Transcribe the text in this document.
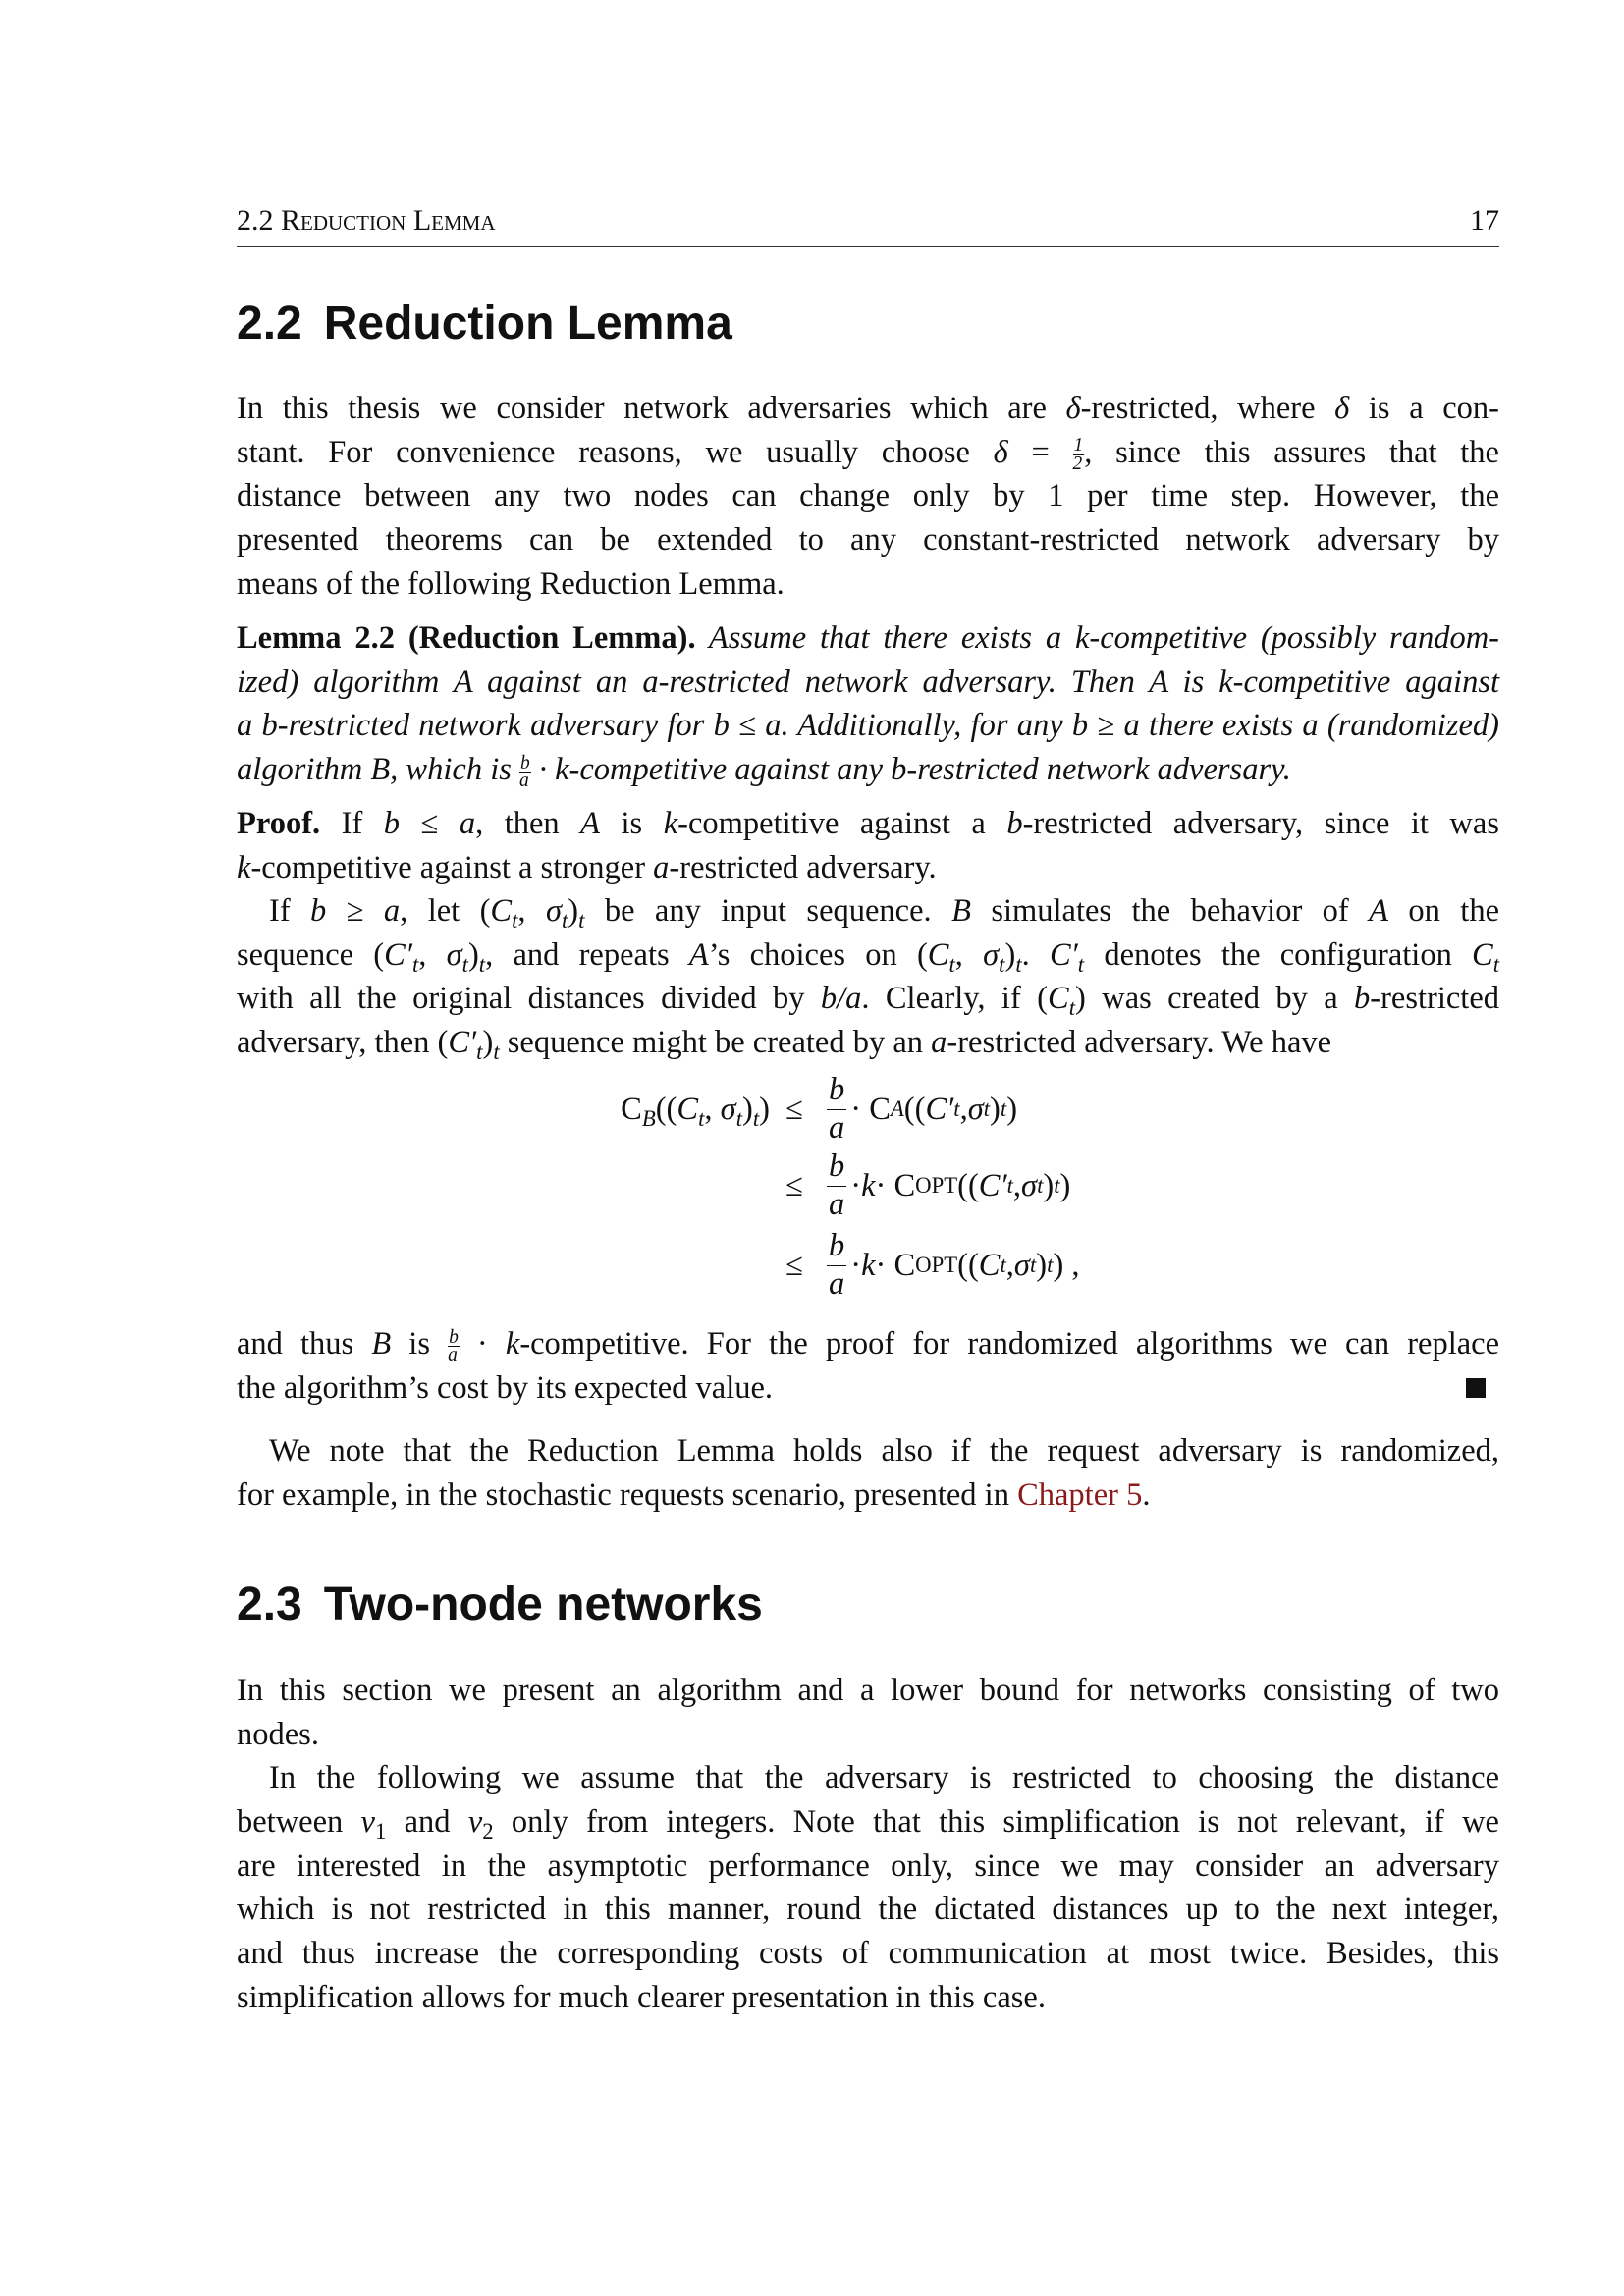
2.2 Reduction Lemma	17
2.2 Reduction Lemma
2.3 Two-node networks
In this thesis we consider network adversaries which are δ-restricted, where δ is a con-
stant. For convenience reasons, we usually choose $\delta = \frac{1}{2}$ , since this assures that the
distance between any two nodes can change only by 1 per time step. However, the
presented theorems can be extended to any constant-restricted network adversary by
means of the following Reduction Lemma.
Lemma 2.2 (Reduction Lemma). Assume that there exists a k-competitive (possibly random-
ized) algorithm A against an a-restricted network adversary. Then A is k-competitive against
a b-restricted network adversary for b ≤ a. Additionally, for any b ≥ a there exists a (randomized)
algorithm B, which is $\frac{b}{a}$ · k-competitive against any b-restricted network adversary.
Proof. If b ≤ a, then A is k-competitive against a b-restricted adversary, since it was
k-competitive against a stronger a-restricted adversary.
If b ≥ a, let ($C_t$, $\sigma_t)_t$ be any input sequence. B simulates the behavior of A on the
sequence ($C'_t$, $\sigma_t)_t$, and repeats A’s choices on ($C_t$, $\sigma_t)_t$. $C'_t$ denotes the configuration $C_t$
with all the original distances divided by b/a. Clearly, if $(C_t)$ was created by a b-restricted
adversary, then $(C'_t)_t$ sequence might be created by an a-restricted adversary. We have
and thus B is $\frac{b}{a}$ · k-competitive. For the proof for randomized algorithms we can replace
the algorithm’s cost by its expected value.
We note that the Reduction Lemma holds also if the request adversary is randomized,
for example, in the stochastic requests scenario, presented in Chapter 5.
In this section we present an algorithm and a lower bound for networks consisting of two
nodes.
In the following we assume that the adversary is restricted to choosing the distance
between $v_1$ and $v_2$ only from integers. Note that this simplification is not relevant, if we
are interested in the asymptotic performance only, since we may consider an adversary
which is not restricted in this manner, round the dictated distances up to the next integer,
and thus increase the corresponding costs of communication at most twice. Besides, this
simplification allows for much clearer presentation in this case.
$C_B((C_t$, $\sigma_t)_t) \le \frac{b}{a} \cdot C$ A (( C′ t , σ t ) t )
≤ $\frac{b}{a} \cdot k \cdot C$ OPT (( C′ t , σ t ) t )
≤ $\frac{b}{a} \cdot k \cdot C$ OPT (( C t , σ t ) t ) ,
